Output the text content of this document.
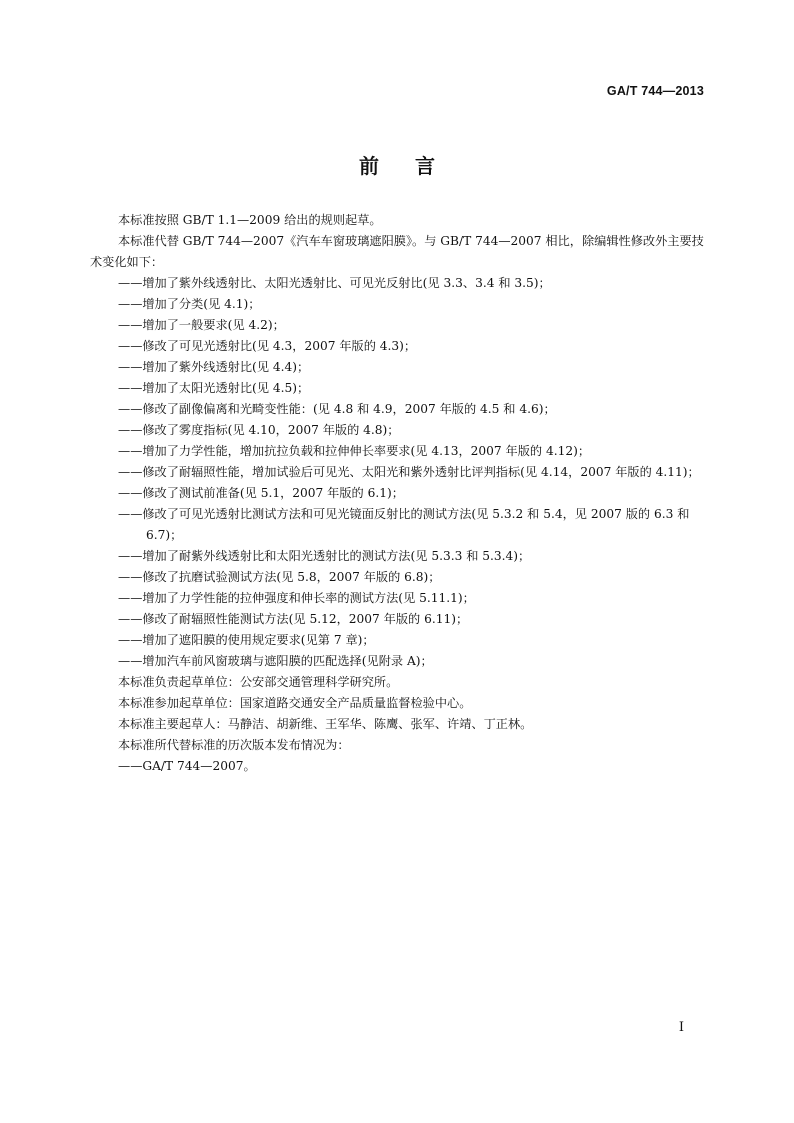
GA/T 744—2013
前 言

本标准按照 GB/T 1.1—2009 给出的规则起草。

本标准代替 GB/T 744—2007《汽车车窗玻璃遮阳膜》。与 GB/T 744—2007 相比，除编辑性修改外主要技术变化如下：

——增加了紫外线透射比、太阳光透射比、可见光反射比(见 3.3、3.4 和 3.5)；

——增加了分类(见 4.1)；

——增加了一般要求(见 4.2)；

——修改了可见光透射比(见 4.3，2007 年版的 4.3)；

——增加了紫外线透射比(见 4.4)；

——增加了太阳光透射比(见 4.5)；

——修改了副像偏离和光畸变性能：(见 4.8 和 4.9，2007 年版的 4.5 和 4.6)；

——修改了雾度指标(见 4.10，2007 年版的 4.8)；

——增加了力学性能，增加抗拉负载和拉伸伸长率要求(见 4.13，2007 年版的 4.12)；

——修改了耐辐照性能，增加试验后可见光、太阳光和紫外透射比评判指标(见 4.14，2007 年版的 4.11)；

——修改了测试前准备(见 5.1，2007 年版的 6.1)；

——修改了可见光透射比测试方法和可见光镜面反射比的测试方法(见 5.3.2 和 5.4，见 2007 版的 6.3 和 6.7)；

——增加了耐紫外线透射比和太阳光透射比的测试方法(见 5.3.3 和 5.3.4)；

——修改了抗磨试验测试方法(见 5.8，2007 年版的 6.8)；

——增加了力学性能的拉伸强度和伸长率的测试方法(见 5.11.1)；

——修改了耐辐照性能测试方法(见 5.12，2007 年版的 6.11)；

——增加了遮阳膜的使用规定要求(见第 7 章)；

——增加汽车前风窗玻璃与遮阳膜的匹配选择(见附录 A)；

本标准负责起草单位：公安部交通管理科学研究所。

本标准参加起草单位：国家道路交通安全产品质量监督检验中心。

本标准主要起草人：马静洁、胡新维、王军华、陈鹰、张军、许靖、丁正林。

本标准所代替标准的历次版本发布情况为：

——GA/T 744—2007。

I
